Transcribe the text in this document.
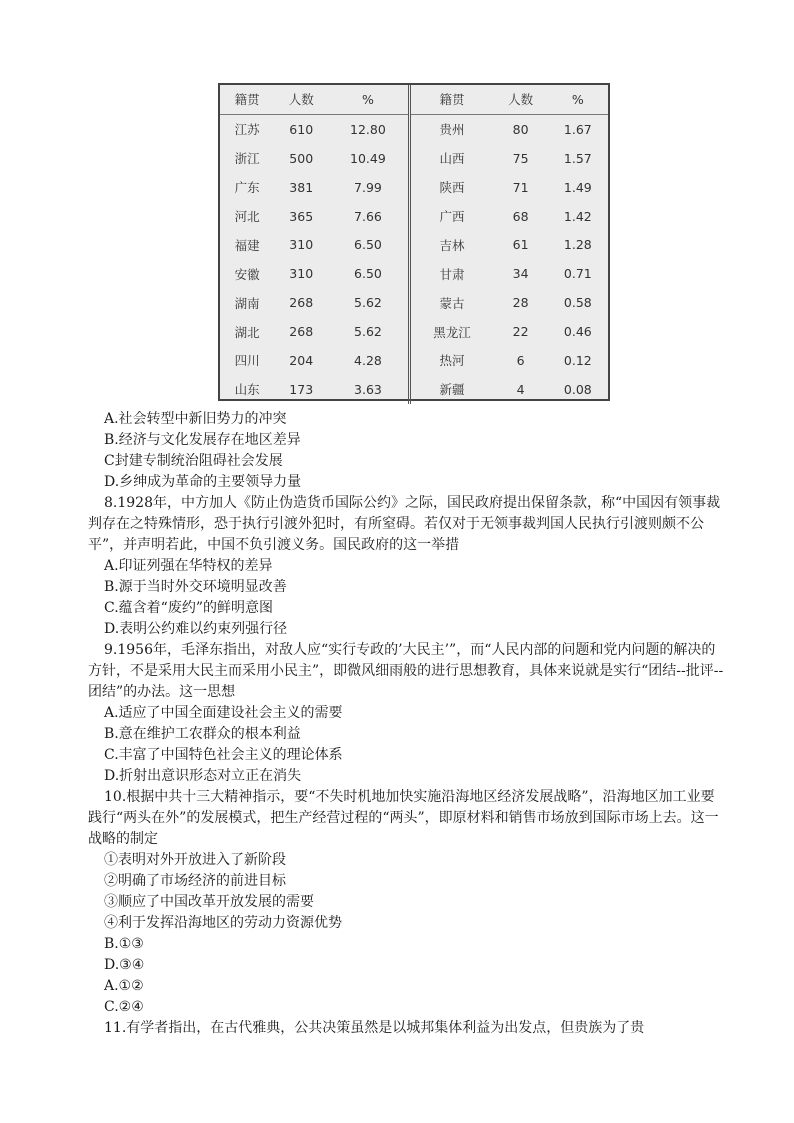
籍贯	人数	%	籍贯	人数	%
江苏	610	12.80	贵州	80	1.67
浙江	500	10.49	山西	75	1.57
广东	381	7.99	陕西	71	1.49
河北	365	7.66	广西	68	1.42
福建	310	6.50	吉林	61	1.28
安徽	310	6.50	甘肃	34	0.71
湖南	268	5.62	蒙古	28	0.58
湖北	268	5.62	黑龙江	22	0.46
四川	204	4.28	热河	6	0.12
山东	173	3.63	新疆	4	0.08
A.社会转型中新旧势力的冲突
B.经济与文化发展存在地区差异
C封建专制统治阻碍社会发展
D.乡绅成为革命的主要领导力量
8.1928年，中方加人《防止伪造货币国际公约》之际，国民政府提出保留条款，称“中国因有领事裁判存在之特殊情形，恐于执行引渡外犯时，有所窒碍。若仅对于无领事裁判国人民执行引渡则颇不公平”，并声明若此，中国不负引渡义务。国民政府的这一举措
A.印证列强在华特权的差异
B.源于当时外交环境明显改善
C.蕴含着“废约”的鲜明意图
D.表明公约难以约束列强行径
9.1956年，毛泽东指出，对敌人应“实行专政的’大民主’”，而“人民内部的问题和党内问题的解决的方针，不是采用大民主而采用小民主”，即微风细雨般的进行思想教育，具体来说就是实行“团结--批评--团结”的办法。这一思想
A.适应了中国全面建设社会主义的需要
B.意在维护工农群众的根本利益
C.丰富了中国特色社会主义的理论体系
D.折射出意识形态对立正在消失
10.根据中共十三大精神指示，要“不失时机地加快实施沿海地区经济发展战略”，沿海地区加工业要践行“两头在外”的发展模式，把生产经营过程的“两头”，即原材料和销售市场放到国际市场上去。这一战略的制定
①表明对外开放进入了新阶段
②明确了市场经济的前进目标
③顺应了中国改革开放发展的需要
④利于发挥沿海地区的劳动力资源优势
B.①③
D.③④
A.①②
C.②④
11.有学者指出，在古代雅典，公共决策虽然是以城邦集体利益为出发点，但贵族为了贵
